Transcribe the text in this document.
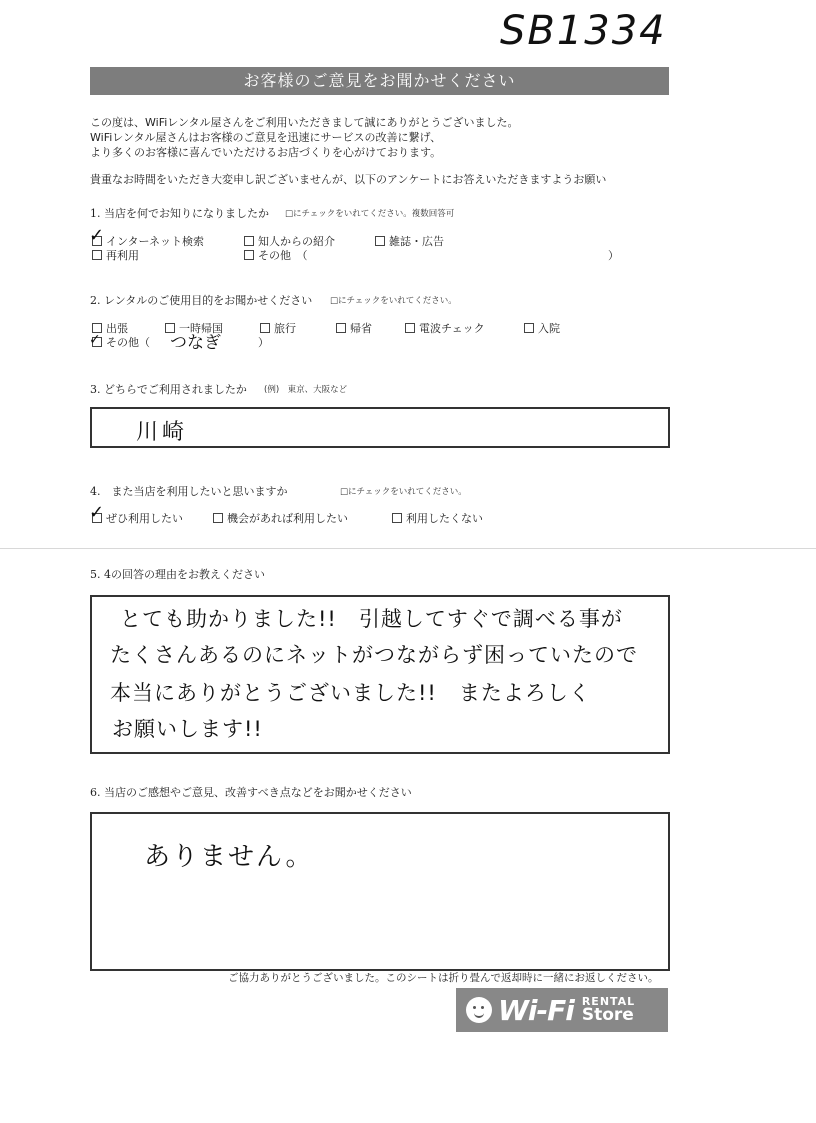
SB1334
お客様のご意見をお聞かせください
この度は、WiFiレンタル屋さんをご利用いただきまして誠にありがとうございました。
WiFiレンタル屋さんはお客様のご意見を迅速にサービスの改善に繋げ、
より多くのお客様に喜んでいただけるお店づくりを心がけております。
貴重なお時間をいただき大変申し訳ございませんが、以下のアンケートにお答えいただきますようお願い
1. 当店を何でお知りになりましたか □にチェックをいれてください。複数回答可
✓ インターネット検索	知人からの紹介	雑誌・広告
再利用	その他　（	）
2. レンタルのご使用目的をお聞かせください □にチェックをいれてください。
出張	一時帰国	旅行	帰省	電波チェック	入院
✓ その他（ つなぎ	）
3. どちらでご利用されましたか (例)　東京、大阪など
川崎
4.　また当店を利用したいと思いますか	□にチェックをいれてください。
✓ ぜひ利用したい	機会があれば利用したい	利用したくない
5. 4の回答の理由をお教えください
とても助かりました!!　引越してすぐで調べる事が
たくさんあるのにネットがつながらず困っていたので
本当にありがとうございました!!　またよろしく
お願いします!!
6. 当店のご感想やご意見、改善すべき点などをお聞かせください
ありません。
ご協力ありがとうございました。このシートは折り畳んで返却時に一緒にお返しください。
Wi-Fi RENTAL
Store
